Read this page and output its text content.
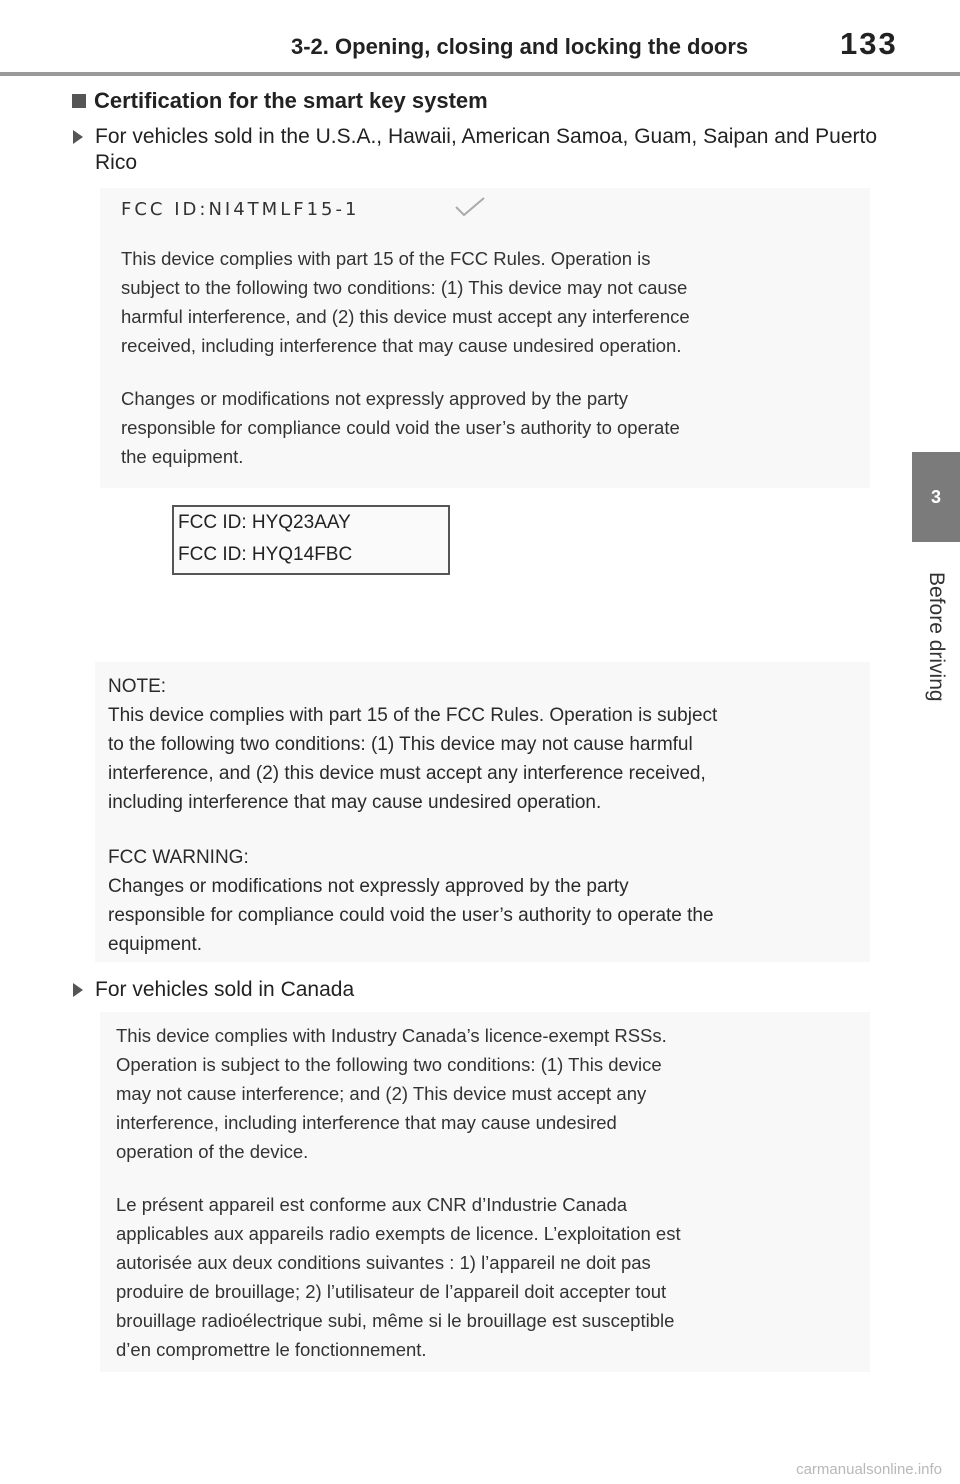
3-2. Opening, closing and locking the doors	133
3
Before driving
Certification for the smart key system
For vehicles sold in the U.S.A., Hawaii, American Samoa, Guam, Saipan and Puerto Rico
FCC ID:NI4TMLF15-1
This device complies with part 15 of the FCC Rules. Operation is
subject to the following two conditions: (1) This device may not cause
harmful interference, and (2) this device must accept any interference
received, including interference that may cause undesired operation.
Changes or modifications not expressly approved by the party
responsible for compliance could void the user’s authority to operate
the equipment.
FCC ID: HYQ23AAY
FCC ID: HYQ14FBC
NOTE:
This device complies with part 15 of the FCC Rules. Operation is subject
to the following two conditions: (1) This device may not cause harmful
interference, and (2) this device must accept any interference received,
including interference that may cause undesired operation.
FCC WARNING:
Changes or modifications not expressly approved by the party
responsible for compliance could void the user’s authority to operate the
equipment.
For vehicles sold in Canada
This device complies with Industry Canada’s licence-exempt RSSs.
Operation is subject to the following two conditions: (1) This device
may not cause interference; and (2) This device must accept any
interference, including interference that may cause undesired
operation of the device.
Le présent appareil est conforme aux CNR d’Industrie Canada
applicables aux appareils radio exempts de licence. L’exploitation est
autorisée aux deux conditions suivantes : 1) l’appareil ne doit pas
produire de brouillage; 2) l’utilisateur de l’appareil doit accepter tout
brouillage radioélectrique subi, même si le brouillage est susceptible
d’en compromettre le fonctionnement.
carmanualsonline.info
